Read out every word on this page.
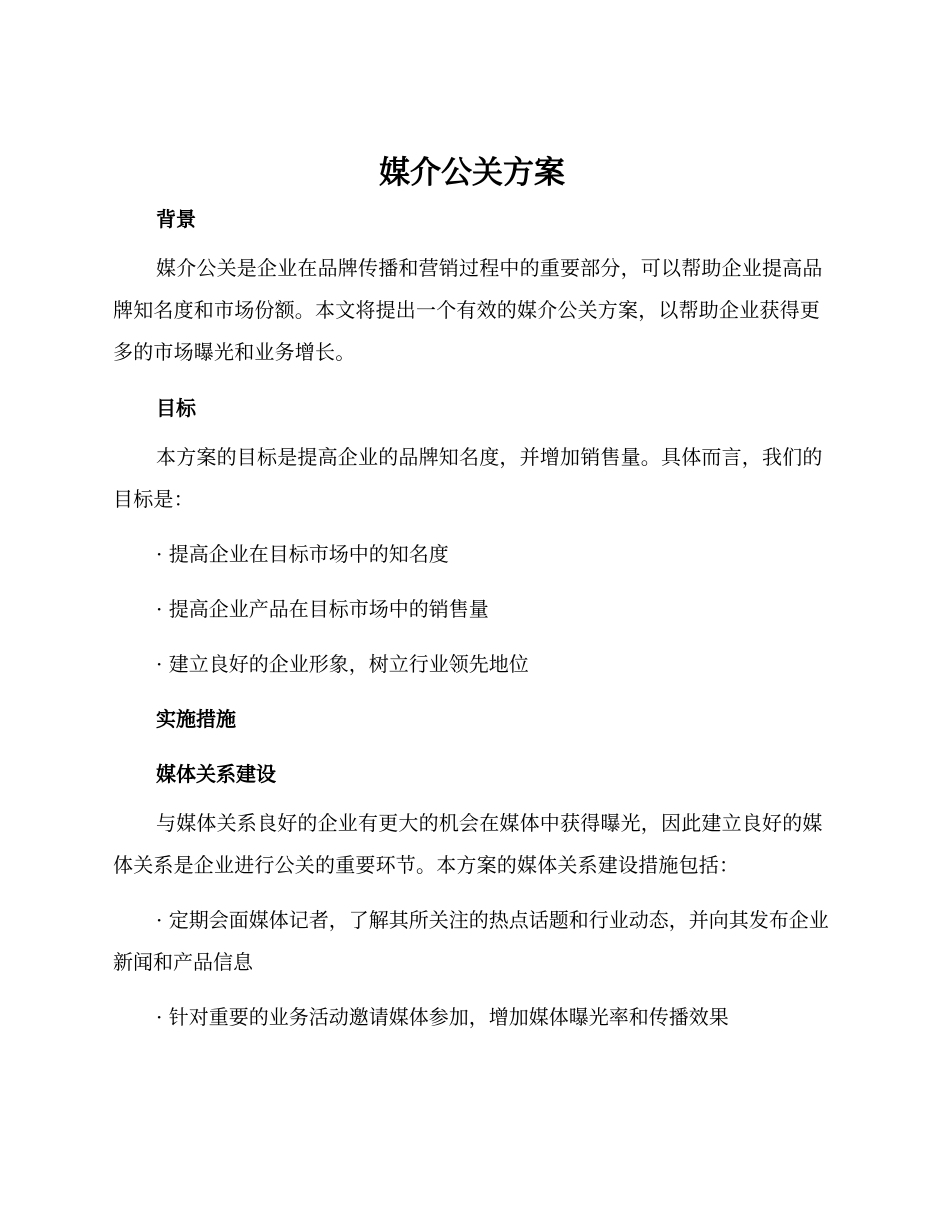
媒介公关方案
背景

媒介公关是企业在品牌传播和营销过程中的重要部分，可以帮助企业提高品牌知名度和市场份额。本文将提出一个有效的媒介公关方案，以帮助企业获得更多的市场曝光和业务增长。

目标

本方案的目标是提高企业的品牌知名度，并增加销售量。具体而言，我们的目标是：

· 提高企业在目标市场中的知名度

· 提高企业产品在目标市场中的销售量

· 建立良好的企业形象，树立行业领先地位

实施措施
媒体关系建设

与媒体关系良好的企业有更大的机会在媒体中获得曝光，因此建立良好的媒体关系是企业进行公关的重要环节。本方案的媒体关系建设措施包括：

· 定期会面媒体记者，了解其所关注的热点话题和行业动态，并向其发布企业新闻和产品信息

· 针对重要的业务活动邀请媒体参加，增加媒体曝光率和传播效果
